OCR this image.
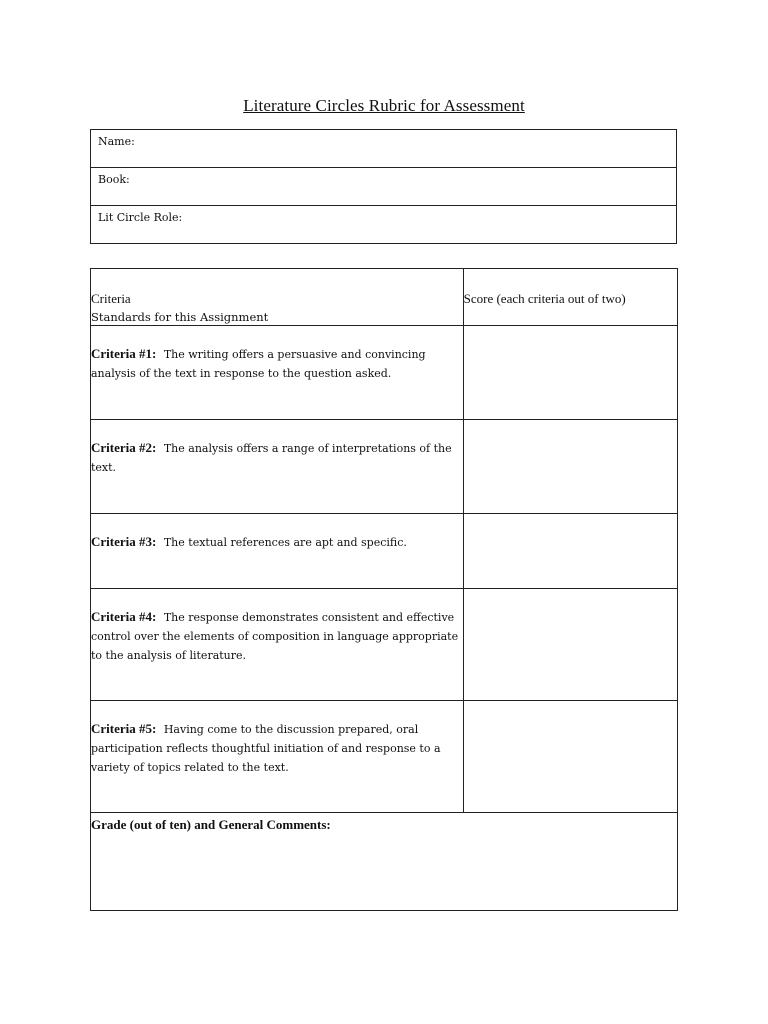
Literature Circles Rubric for Assessment
Name:
Book:
Lit Circle Role:
Criteria
Standards for this Assignment	Score (each criteria out of two)

Criteria #1: The writing offers a persuasive and convincing analysis of the text in response to the question asked.	

Criteria #2: The analysis offers a range of interpretations of the text.	

Criteria #3: The textual references are apt and specific.	

Criteria #4: The response demonstrates consistent and effective control over the elements of composition in language appropriate to the analysis of literature.	

Criteria #5: Having come to the discussion prepared, oral participation reflects thoughtful initiation of and response to a variety of topics related to the text.	

Grade (out of ten) and General Comments:	
